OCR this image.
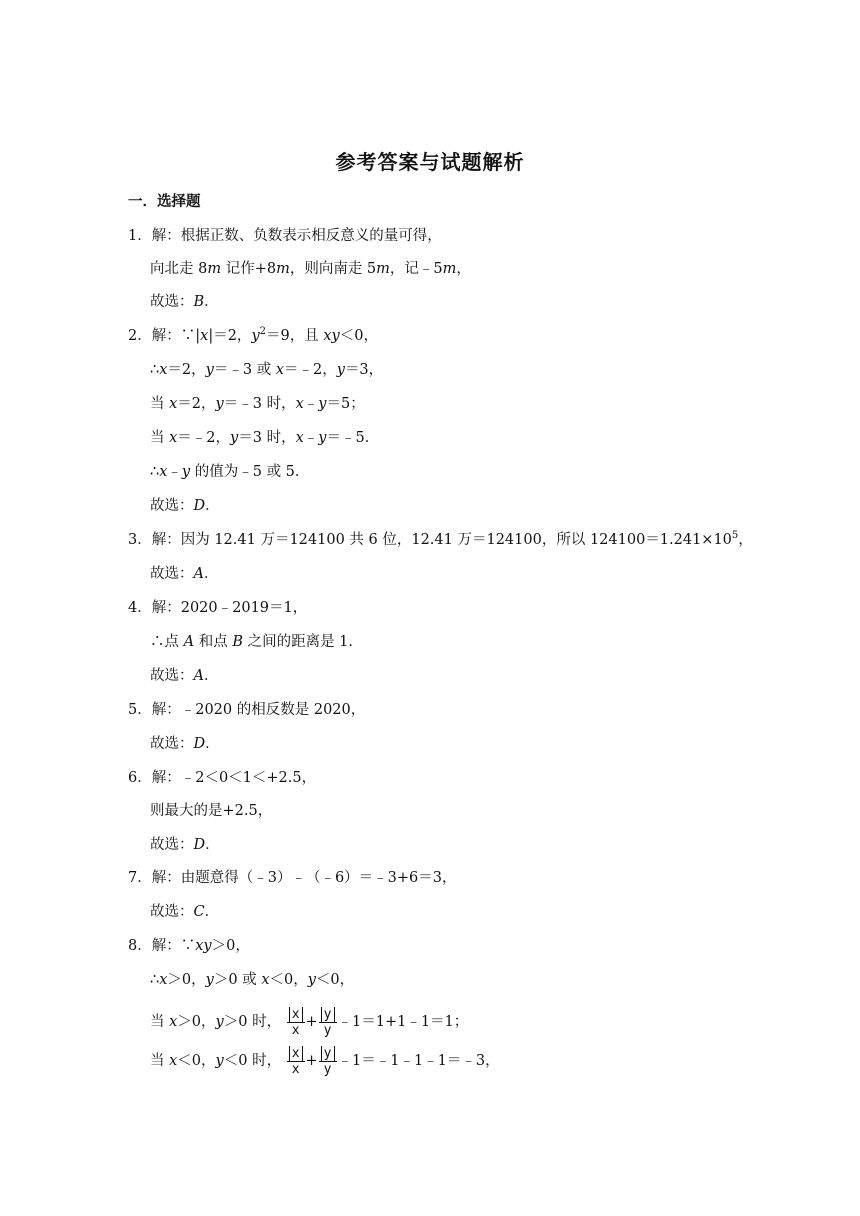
参考答案与试题解析
一．选择题
1．解：根据正数、负数表示相反意义的量可得，
向北走 8m 记作+8m，则向南走 5m，记﹣5m，
故选：B．
2．解：∵|x|＝2，$y^2=9$，且 xy＜0，
∴x＝2，y＝﹣3 或 x＝﹣2，y＝3，
当 x＝2，y＝﹣3 时，x﹣y＝5；
当 x＝﹣2，y＝3 时，x﹣y＝﹣5．
∴x﹣y 的值为﹣5 或 5．
故选：D．
3．解：因为 12.41 万＝124100 共 6 位，12.41 万＝124100，所以 $124100=1.241\times 10^5$，
故选：A．
4．解：2020﹣2019＝1，
∴点 A 和点 B 之间的距离是 1．
故选：A．
5．解：﹣2020 的相反数是 2020，
故选：D．
6．解：﹣2＜0＜1＜+2.5，
则最大的是+2.5，
故选：D．
7．解：由题意得（﹣3）﹣（﹣6）＝﹣3+6＝3，
故选：C．
8．解：∵xy＞0，
∴x＞0，y＞0 或 x＜0，y＜0，
当 x＞0，y＞0 时， $\frac{x}{x} + \frac{y}{y}$ ﹣1＝1+1﹣1＝1；
当 x＜0，y＜0 时， $\frac{x}{x} + \frac{y}{y}$ ﹣1＝﹣1﹣1﹣1＝﹣3，
